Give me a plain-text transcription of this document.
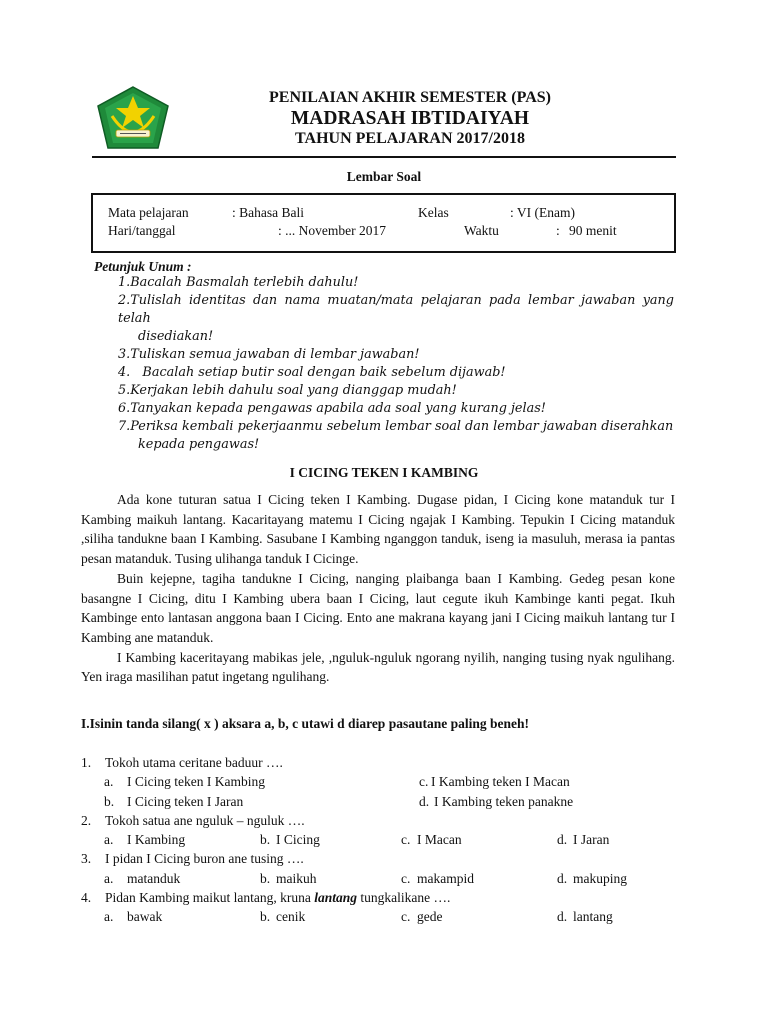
PENILAIAN AKHIR SEMESTER (PAS)
MADRASAH IBTIDAIYAH
TAHUN PELAJARAN 2017/2018
Lembar Soal
Mata pelajaran	: Bahasa Bali	Kelas	: VI (Enam)
Hari/tanggal	: ... November 2017	Waktu	: 90 menit
Petunjuk Unum :
1.Bacalah Basmalah terlebih dahulu!
2.Tulislah identitas dan nama muatan/mata pelajaran pada lembar jawaban yang telah
disediakan!
3.Tuliskan semua jawaban di lembar jawaban!
4.   Bacalah setiap butir soal dengan baik sebelum dijawab!
5.Kerjakan lebih dahulu soal yang dianggap mudah!
6.Tanyakan kepada pengawas apabila ada soal yang kurang jelas!
7.Periksa kembali pekerjaanmu sebelum lembar soal dan lembar jawaban diserahkan
kepada pengawas!
I CICING TEKEN I KAMBING

Ada kone tuturan satua I Cicing teken I Kambing. Dugase pidan, I Cicing kone matanduk tur I Kambing maikuh lantang. Kacaritayang matemu I Cicing ngajak I Kambing. Tepukin I Cicing matanduk ,siliha tandukne baan I Kambing. Sasubane I Kambing nganggon tanduk, iseng ia masuluh, merasa ia pantas pesan matanduk. Tusing ulihanga tanduk I Cicinge.

Buin kejepne, tagiha tandukne I Cicing, nanging plaibanga baan I Kambing. Gedeg pesan kone basangne I Cicing, ditu I Kambing ubera baan I Cicing, laut cegute ikuh Kambinge kanti pegat. Ikuh Kambinge ento lantasan anggona baan I Cicing. Ento ane makrana kayang jani I Cicing maikuh lantang tur I Kambing ane matanduk.

I Kambing kaceritayang mabikas jele, ,nguluk-nguluk ngorang nyilih, nanging tusing nyak ngulihang. Yen iraga masilihan patut ingetang ngulihang.

I.Isinin tanda silang( x ) aksara a, b, c utawi d diarep pasautane paling beneh!
1. Tokoh utama ceritane baduur ….
a. I Cicing teken I Kambing
b. I Cicing teken I Jaran
c. I Kambing teken I Macan
d. I Kambing teken panakne
2. Tokoh satua ane nguluk – nguluk ….
a. I Kambing	b. I Cicing	c. I Macan	d. I Jaran
3. I pidan I Cicing buron ane tusing ….
a. matanduk	b. maikuh	c. makampid	d. makuping
4. Pidan Kambing maikut lantang, kruna lantang tungkalikane ….
a. bawak	b. cenik	c. gede	d. lantang
